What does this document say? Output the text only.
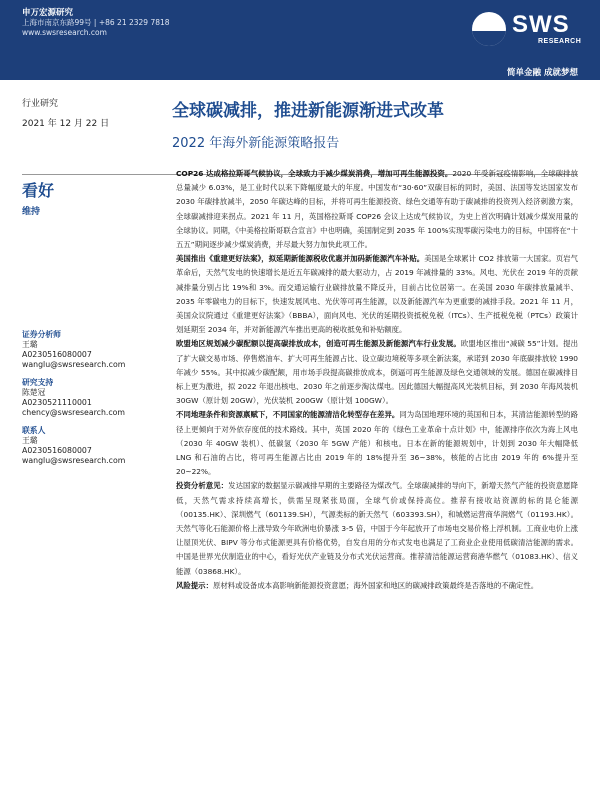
申万宏源研究
上海市南京东路99号 | +86 21 2329 7818
www.swsresearch.com	SWS
RESEARCH
简单金融 成就梦想
行业研究
2021 年 12 月 22 日
全球碳减排，推进新能源渐进式改革
2022 年海外新能源策略报告
看好
维持
证券分析师
王璐
A0230516080007
wanglu@swsresearch.com
研究支持
陈楚冠
A0230521110001
chency@swsresearch.com
联系人
王璐
A0230516080007
wanglu@swsresearch.com

COP26 达成格拉斯哥气候协议，全球致力于减少煤炭消费，增加可再生能源投资。2020 年受新冠疫情影响，全球碳排放总量减少 6.03%，是工业时代以来下降幅度最大的年度。中国发布“30·60”双碳目标的同时，美国、法国等发达国家发布 2030 年碳排放减半，2050 年碳达峰的目标，并将可再生能源投资、绿色交通等有助于碳减排的投资列入经济刺激方案，全球碳减排迎来拐点。2021 年 11 月，英国格拉斯哥 COP26 会议上达成气候协议，为史上首次明确计划减少煤炭用量的全球协议。同期，《中美格拉斯哥联合宣言》中也明确，美国制定到 2035 年 100%实现零碳污染电力的目标，中国将在“十五五”期间逐步减少煤炭消费，并尽最大努力加快此项工作。

美国推出《重建更好法案》，拟延期新能源税收优惠并加码新能源汽车补贴。美国是全球累计 CO2 排放第一大国家。页岩气革命后，天然气发电的快速增长是近五年碳减排的最大驱动力，占 2019 年减排量的 33%。风电、光伏在 2019 年的贡献减排量分别占比 19%和 3%。而交通运输行业碳排放量不降反升，目前占比位居第一。在美国 2030 年碳排放量减半、2035 年零碳电力的目标下，快速发展风电、光伏等可再生能源，以及新能源汽车为更重要的减排手段。2021 年 11 月，美国众议院通过《重建更好法案》（BBBA），面向风电、光伏的延期投资抵税免税（ITCs）、生产抵税免税（PTCs）政策计划延期至 2034 年，并对新能源汽车推出更高的税收抵免和补贴额度。

欧盟地区规划减少碳配额以提高碳排放成本，创造可再生能源及新能源汽车行业发展。欧盟地区推出“减碳 55”计划。提出了扩大碳交易市场、停售燃油车、扩大可再生能源占比、设立碳边境税等多项全新法案，承诺到 2030 年底碳排放较 1990 年减少 55%。其中拟减少碳配额，用市场手段提高碳排放成本，倒逼可再生能源及绿色交通领域的发展。德国在碳减排目标上更为激进，拟 2022 年退出核电、2030 年之前逐步淘汰煤电。因此德国大幅提高风光装机目标，到 2030 年海风装机 30GW（原计划 20GW），光伏装机 200GW（原计划 100GW）。

不同地理条件和资源禀赋下，不同国家的能源清洁化转型存在差异。同为岛国地理环境的英国和日本，其清洁能源转型的路径上更倾向于对外依存度低的技术路线。其中，英国 2020 年的《绿色工业革命十点计划》中，能源排序依次为海上风电（2030 年 40GW 装机）、低碳氢（2030 年 5GW 产能）和核电。日本在新的能源规划中，计划到 2030 年大幅降低 LNG 和石油的占比，将可再生能源占比由 2019 年的 18%提升至 36~38%，核能的占比由 2019 年的 6%提升至 20~22%。

投资分析意见：发达国家的数据显示碳减排早期的主要路径为煤改气。全球碳减排的导向下，新增天然气产能的投资意愿降低，天然气需求持续高增长，供需呈现紧张局面，全球气价或保持高位。推荐有接收站资源的标的昆仑能源（00135.HK）、深圳燃气（601139.SH），气源类标的新天然气（603393.SH），和城燃运营商华润燃气（01193.HK）。天然气等化石能源价格上涨导致今年欧洲电价暴涨 3-5 倍，中国于今年起放开了市场电交易价格上浮机制。工商业电价上涨让屋顶光伏、BIPV 等分布式能源更具有价格优势，自发自用的分布式发电也满足了工商业企业使用低碳清洁能源的需求。中国是世界光伏制造业的中心，看好光伏产业链及分布式光伏运营商。推荐清洁能源运营商港华燃气（01083.HK）、信义能源（03868.HK）。

风险提示：原材料或设备成本高影响新能源投资意愿；海外国家和地区的碳减排政策最终是否落地的不确定性。
